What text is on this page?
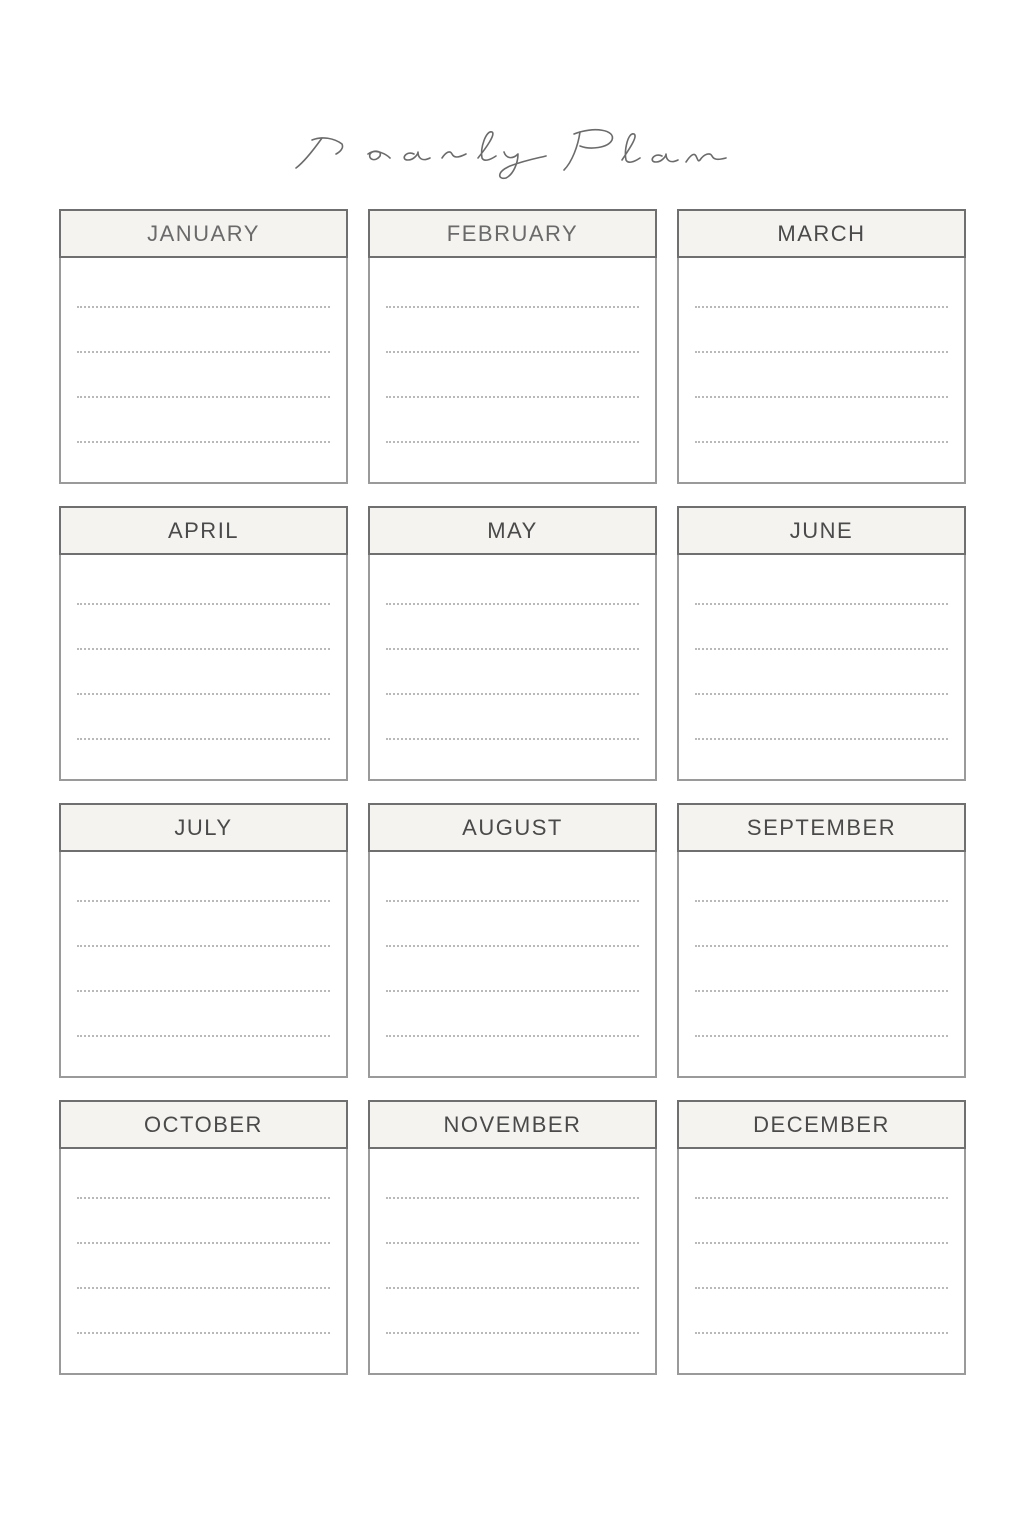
JANUARY	FEBRUARY	MARCH
APRIL	MAY	JUNE
JULY	AUGUST	SEPTEMBER
OCTOBER	NOVEMBER	DECEMBER
